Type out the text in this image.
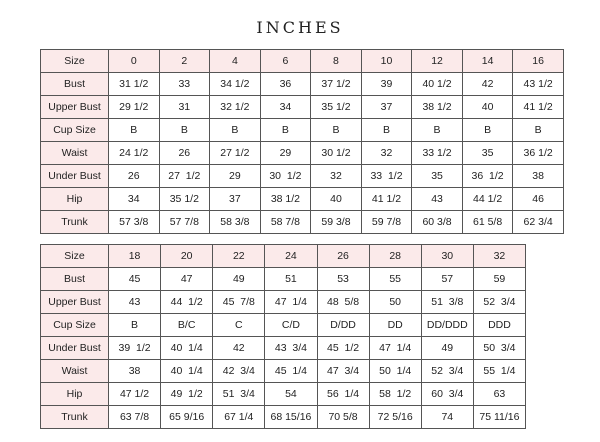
INCHES
Size	0	2	4	6	8	10	12	14	16
Bust	31 1/2	33	34 1/2	36	37 1/2	39	40 1/2	42	43 1/2
Upper Bust	29 1/2	31	32 1/2	34	35 1/2	37	38 1/2	40	41 1/2
Cup Size	B	B	B	B	B	B	B	B	B
Waist	24 1/2	26	27 1/2	29	30 1/2	32	33 1/2	35	36 1/2
Under Bust	26	27  1/2	29	30  1/2	32	33  1/2	35	36  1/2	38
Hip	34	35 1/2	37	38 1/2	40	41 1/2	43	44 1/2	46
Trunk	57 3/8	57 7/8	58 3/8	58 7/8	59 3/8	59 7/8	60 3/8	61 5/8	62 3/4
Size	18	20	22	24	26	28	30	32
Bust	45	47	49	51	53	55	57	59
Upper Bust	43	44  1/2	45  7/8	47  1/4	48  5/8	50	51  3/8	52  3/4
Cup Size	B	B/C	C	C/D	D/DD	DD	DD/DDD	DDD
Under Bust	39  1/2	40  1/4	42	43  3/4	45  1/2	47  1/4	49	50  3/4
Waist	38	40  1/4	42  3/4	45  1/4	47  3/4	50  1/4	52  3/4	55  1/4
Hip	47 1/2	49  1/2	51  3/4	54	56  1/4	58  1/2	60  3/4	63
Trunk	63 7/8	65 9/16	67 1/4	68 15/16	70 5/8	72 5/16	74	75 11/16
